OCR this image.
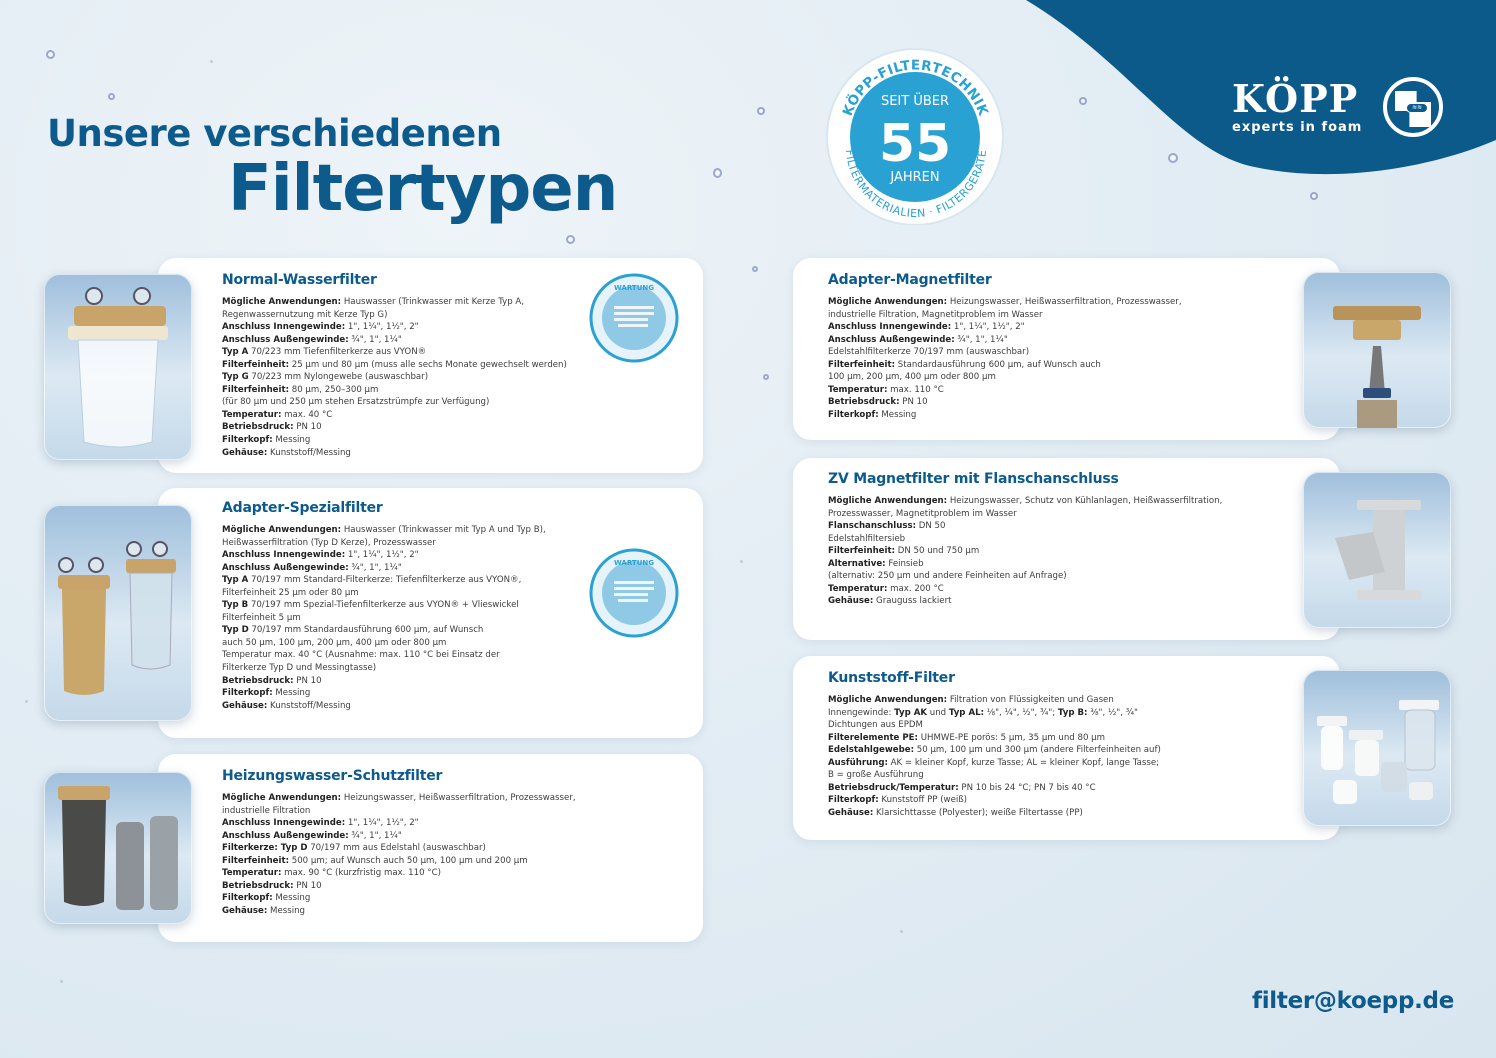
KÖPP
experts in foam
≋≋
Unsere verschiedenen
Filtertypen
KÖPP-FILTERTECHNIK
FILTERMATERIALIEN · FILTERGERÄTE
SEIT ÜBER
55
JAHREN
Normal-Wasserfilter
Mögliche Anwendungen: Hauswasser (Trinkwasser mit Kerze Typ A,
Regenwassernutzung mit Kerze Typ G)
Anschluss Innengewinde: 1", 1¼", 1½", 2"
Anschluss Außengewinde: ¾", 1", 1¼"
Typ A 70/223 mm Tiefenfilterkerze aus VYON®
Filterfeinheit: 25 µm und 80 µm (muss alle sechs Monate gewechselt werden)
Typ G 70/223 mm Nylongewebe (auswaschbar)
Filterfeinheit: 80 µm, 250–300 µm
(für 80 µm und 250 µm stehen Ersatzstrümpfe zur Verfügung)
Temperatur: max. 40 °C
Betriebsdruck: PN 10
Filterkopf: Messing
Gehäuse: Kunststoff/Messing
WARTUNG
Adapter-Spezialfilter
Mögliche Anwendungen: Hauswasser (Trinkwasser mit Typ A und Typ B),
Heißwasserfiltration (Typ D Kerze), Prozesswasser
Anschluss Innengewinde: 1", 1¼", 1½", 2"
Anschluss Außengewinde: ¾", 1", 1¼"
Typ A 70/197 mm Standard-Filterkerze: Tiefenfilterkerze aus VYON®,
Filterfeinheit 25 µm oder 80 µm
Typ B 70/197 mm Spezial-Tiefenfilterkerze aus VYON® + Vlieswickel
Filterfeinheit 5 µm
Typ D 70/197 mm Standardausführung 600 µm, auf Wunsch
auch 50 µm, 100 µm, 200 µm, 400 µm oder 800 µm
Temperatur max. 40 °C (Ausnahme: max. 110 °C bei Einsatz der
Filterkerze Typ D und Messingtasse)
Betriebsdruck: PN 10
Filterkopf: Messing
Gehäuse: Kunststoff/Messing
WARTUNG
Heizungswasser-Schutzfilter
Mögliche Anwendungen: Heizungswasser, Heißwasserfiltration, Prozesswasser,
industrielle Filtration
Anschluss Innengewinde: 1", 1¼", 1½", 2"
Anschluss Außengewinde: ¾", 1", 1¼"
Filterkerze: Typ D 70/197 mm aus Edelstahl (auswaschbar)
Filterfeinheit: 500 µm; auf Wunsch auch 50 µm, 100 µm und 200 µm
Temperatur: max. 90 °C (kurzfristig max. 110 °C)
Betriebsdruck: PN 10
Filterkopf: Messing
Gehäuse: Messing
Adapter-Magnetfilter
Mögliche Anwendungen: Heizungswasser, Heißwasserfiltration, Prozesswasser,
industrielle Filtration, Magnetitproblem im Wasser
Anschluss Innengewinde: 1", 1¼", 1½", 2"
Anschluss Außengewinde: ¾", 1", 1¼"
Edelstahlfilterkerze 70/197 mm (auswaschbar)
Filterfeinheit: Standardausführung 600 µm, auf Wunsch auch
100 µm, 200 µm, 400 µm oder 800 µm
Temperatur: max. 110 °C
Betriebsdruck: PN 10
Filterkopf: Messing
ZV Magnetfilter mit Flanschanschluss
Mögliche Anwendungen: Heizungswasser, Schutz von Kühlanlagen, Heißwasserfiltration,
Prozesswasser, Magnetitproblem im Wasser
Flanschanschluss: DN 50
Edelstahlfiltersieb
Filterfeinheit: DN 50 und 750 µm
Alternative: Feinsieb
(alternativ: 250 µm und andere Feinheiten auf Anfrage)
Temperatur: max. 200 °C
Gehäuse: Grauguss lackiert
Kunststoff-Filter
Mögliche Anwendungen: Filtration von Flüssigkeiten und Gasen
Innengewinde: Typ AK und Typ AL: ⅛", ¼", ½", ¾"; Typ B: ⅜", ½", ¾"
Dichtungen aus EPDM
Filterelemente PE: UHMWE-PE porös: 5 µm, 35 µm und 80 µm
Edelstahlgewebe: 50 µm, 100 µm und 300 µm (andere Filterfeinheiten auf)
Ausführung: AK = kleiner Kopf, kurze Tasse; AL = kleiner Kopf, lange Tasse;
B = große Ausführung
Betriebsdruck/Temperatur: PN 10 bis 24 °C; PN 7 bis 40 °C
Filterkopf: Kunststoff PP (weiß)
Gehäuse: Klarsichttasse (Polyester); weiße Filtertasse (PP)
filter@koepp.de
